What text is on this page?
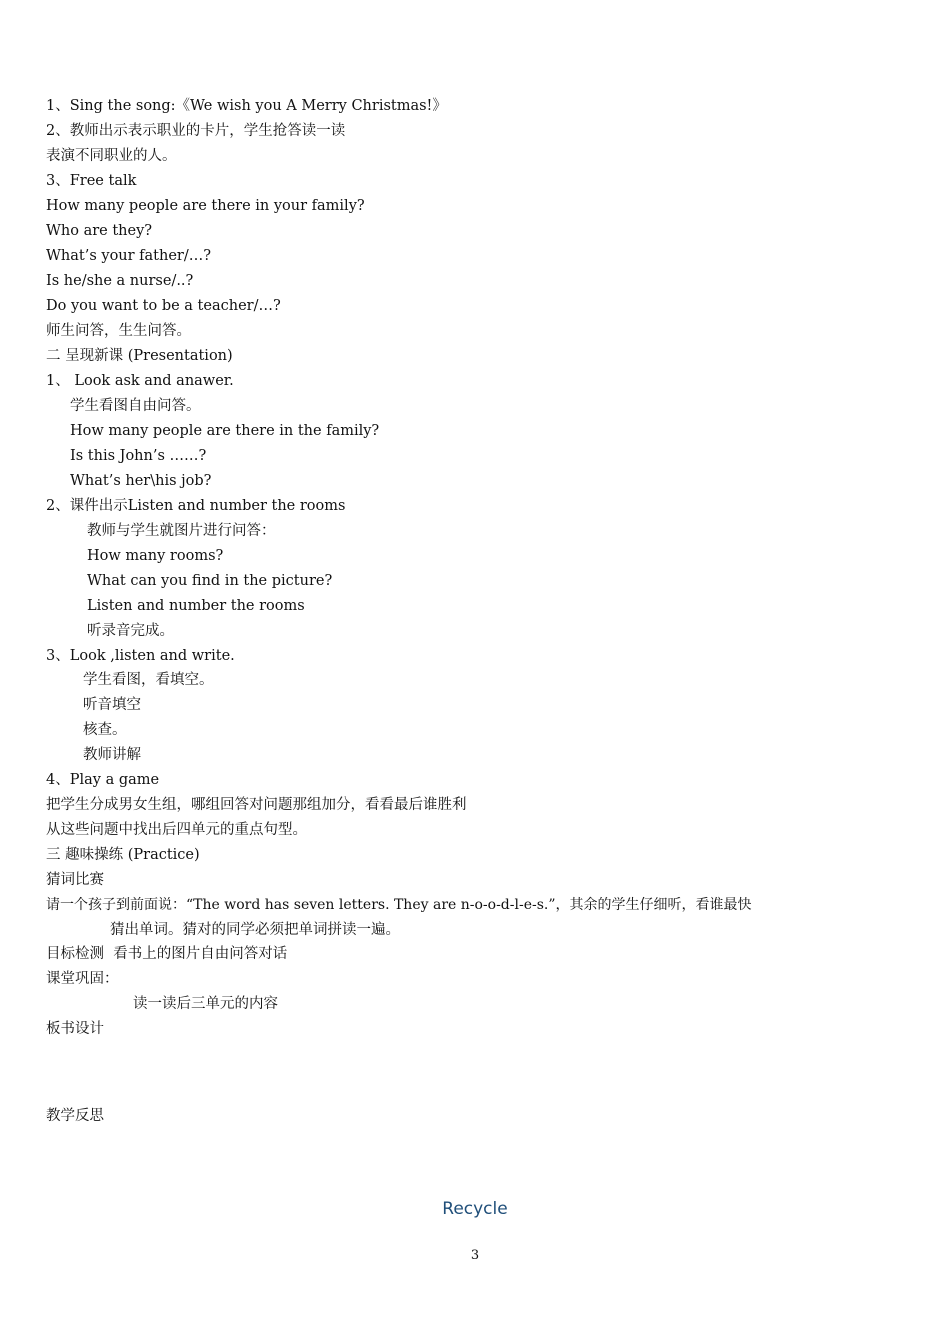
1、Sing the song:《We wish you A Merry Christmas!》
2、教师出示表示职业的卡片，学生抢答读一读
表演不同职业的人。
3、Free talk
How many people are there in your family?
Who are they?
What’s your father/…?
Is he/she a nurse/..?
Do you want to be a teacher/…?
师生问答，生生问答。
二 呈现新课 (Presentation)
1、 Look ask and anawer.
学生看图自由问答。
How many people are there in the family?
Is this John’s ……?
What’s her\his job?
2、课件出示Listen and number the rooms
教师与学生就图片进行问答：
How many rooms?
What can you find in the picture?
Listen and number the rooms
听录音完成。
3、Look ,listen and write.
学生看图，看填空。
听音填空
核查。
教师讲解
4、Play a game
把学生分成男女生组，哪组回答对问题那组加分，看看最后谁胜利
从这些问题中找出后四单元的重点句型。
三 趣味操练 (Practice)
猜词比赛
请一个孩子到前面说：“The word has seven letters. They are n-o-o-d-l-e-s.”，其余的学生仔细听，看谁最快
猜出单词。猜对的同学必须把单词拼读一遍。
目标检测  看书上的图片自由问答对话
课堂巩固：
读一读后三单元的内容
板书设计
教学反思
Recycle
3
